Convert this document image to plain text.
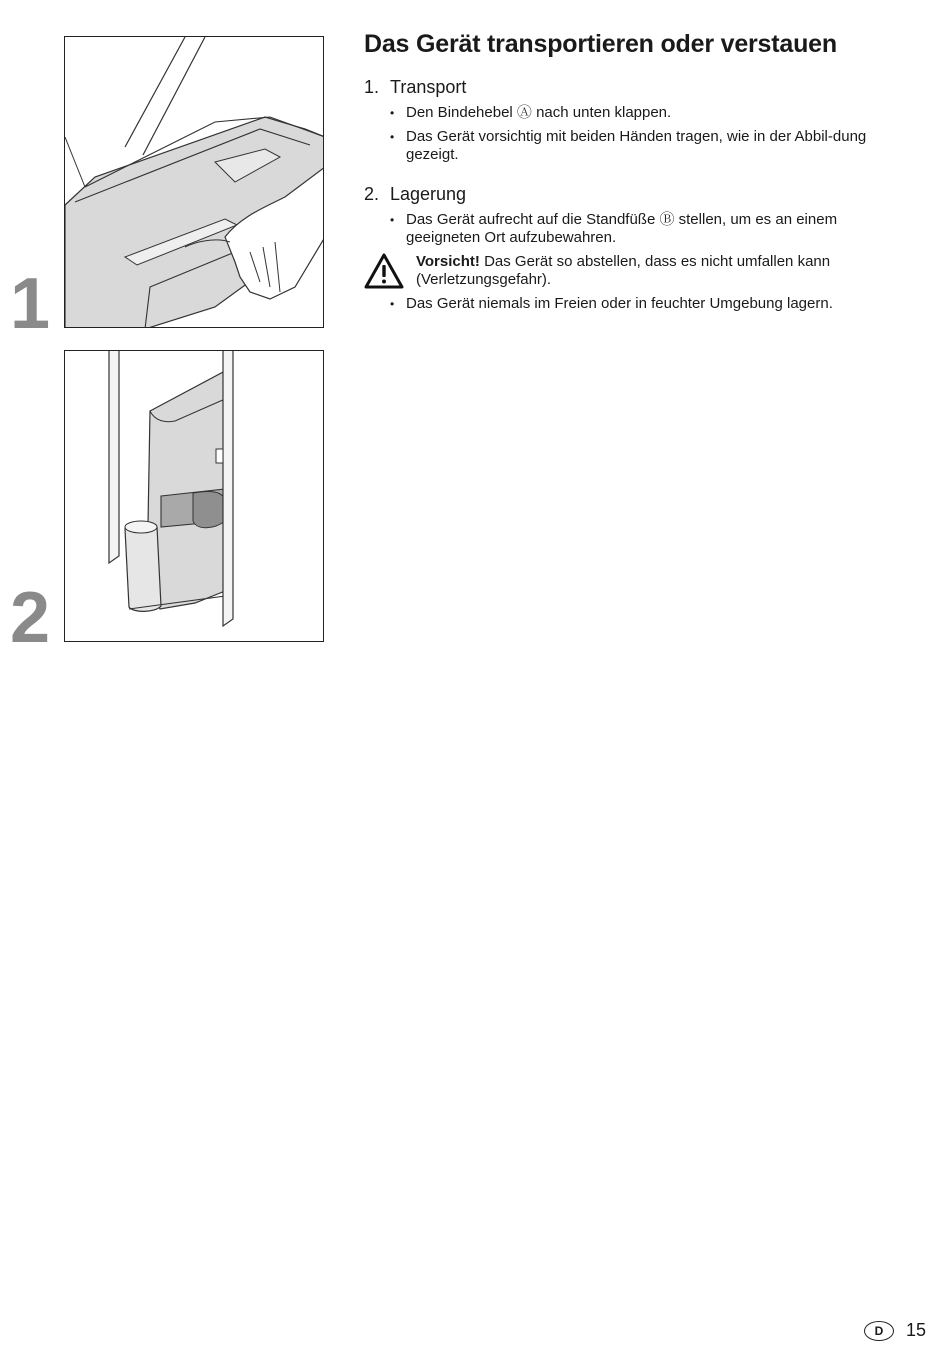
1
2
Das Gerät transportieren oder verstauen
1. Transport
• Den Bindehebel Ⓐ nach unten klappen.
• Das Gerät vorsichtig mit beiden Händen tragen, wie in der Abbil-dung gezeigt.
2. Lagerung
• Das Gerät aufrecht auf die Standfüße Ⓑ stellen, um es an einem geeigneten Ort aufzubewahren.
Vorsicht! Das Gerät so abstellen, dass es nicht umfallen kann (Verletzungsgefahr).
• Das Gerät niemals im Freien oder in feuchter Umgebung lagern.
D	15
